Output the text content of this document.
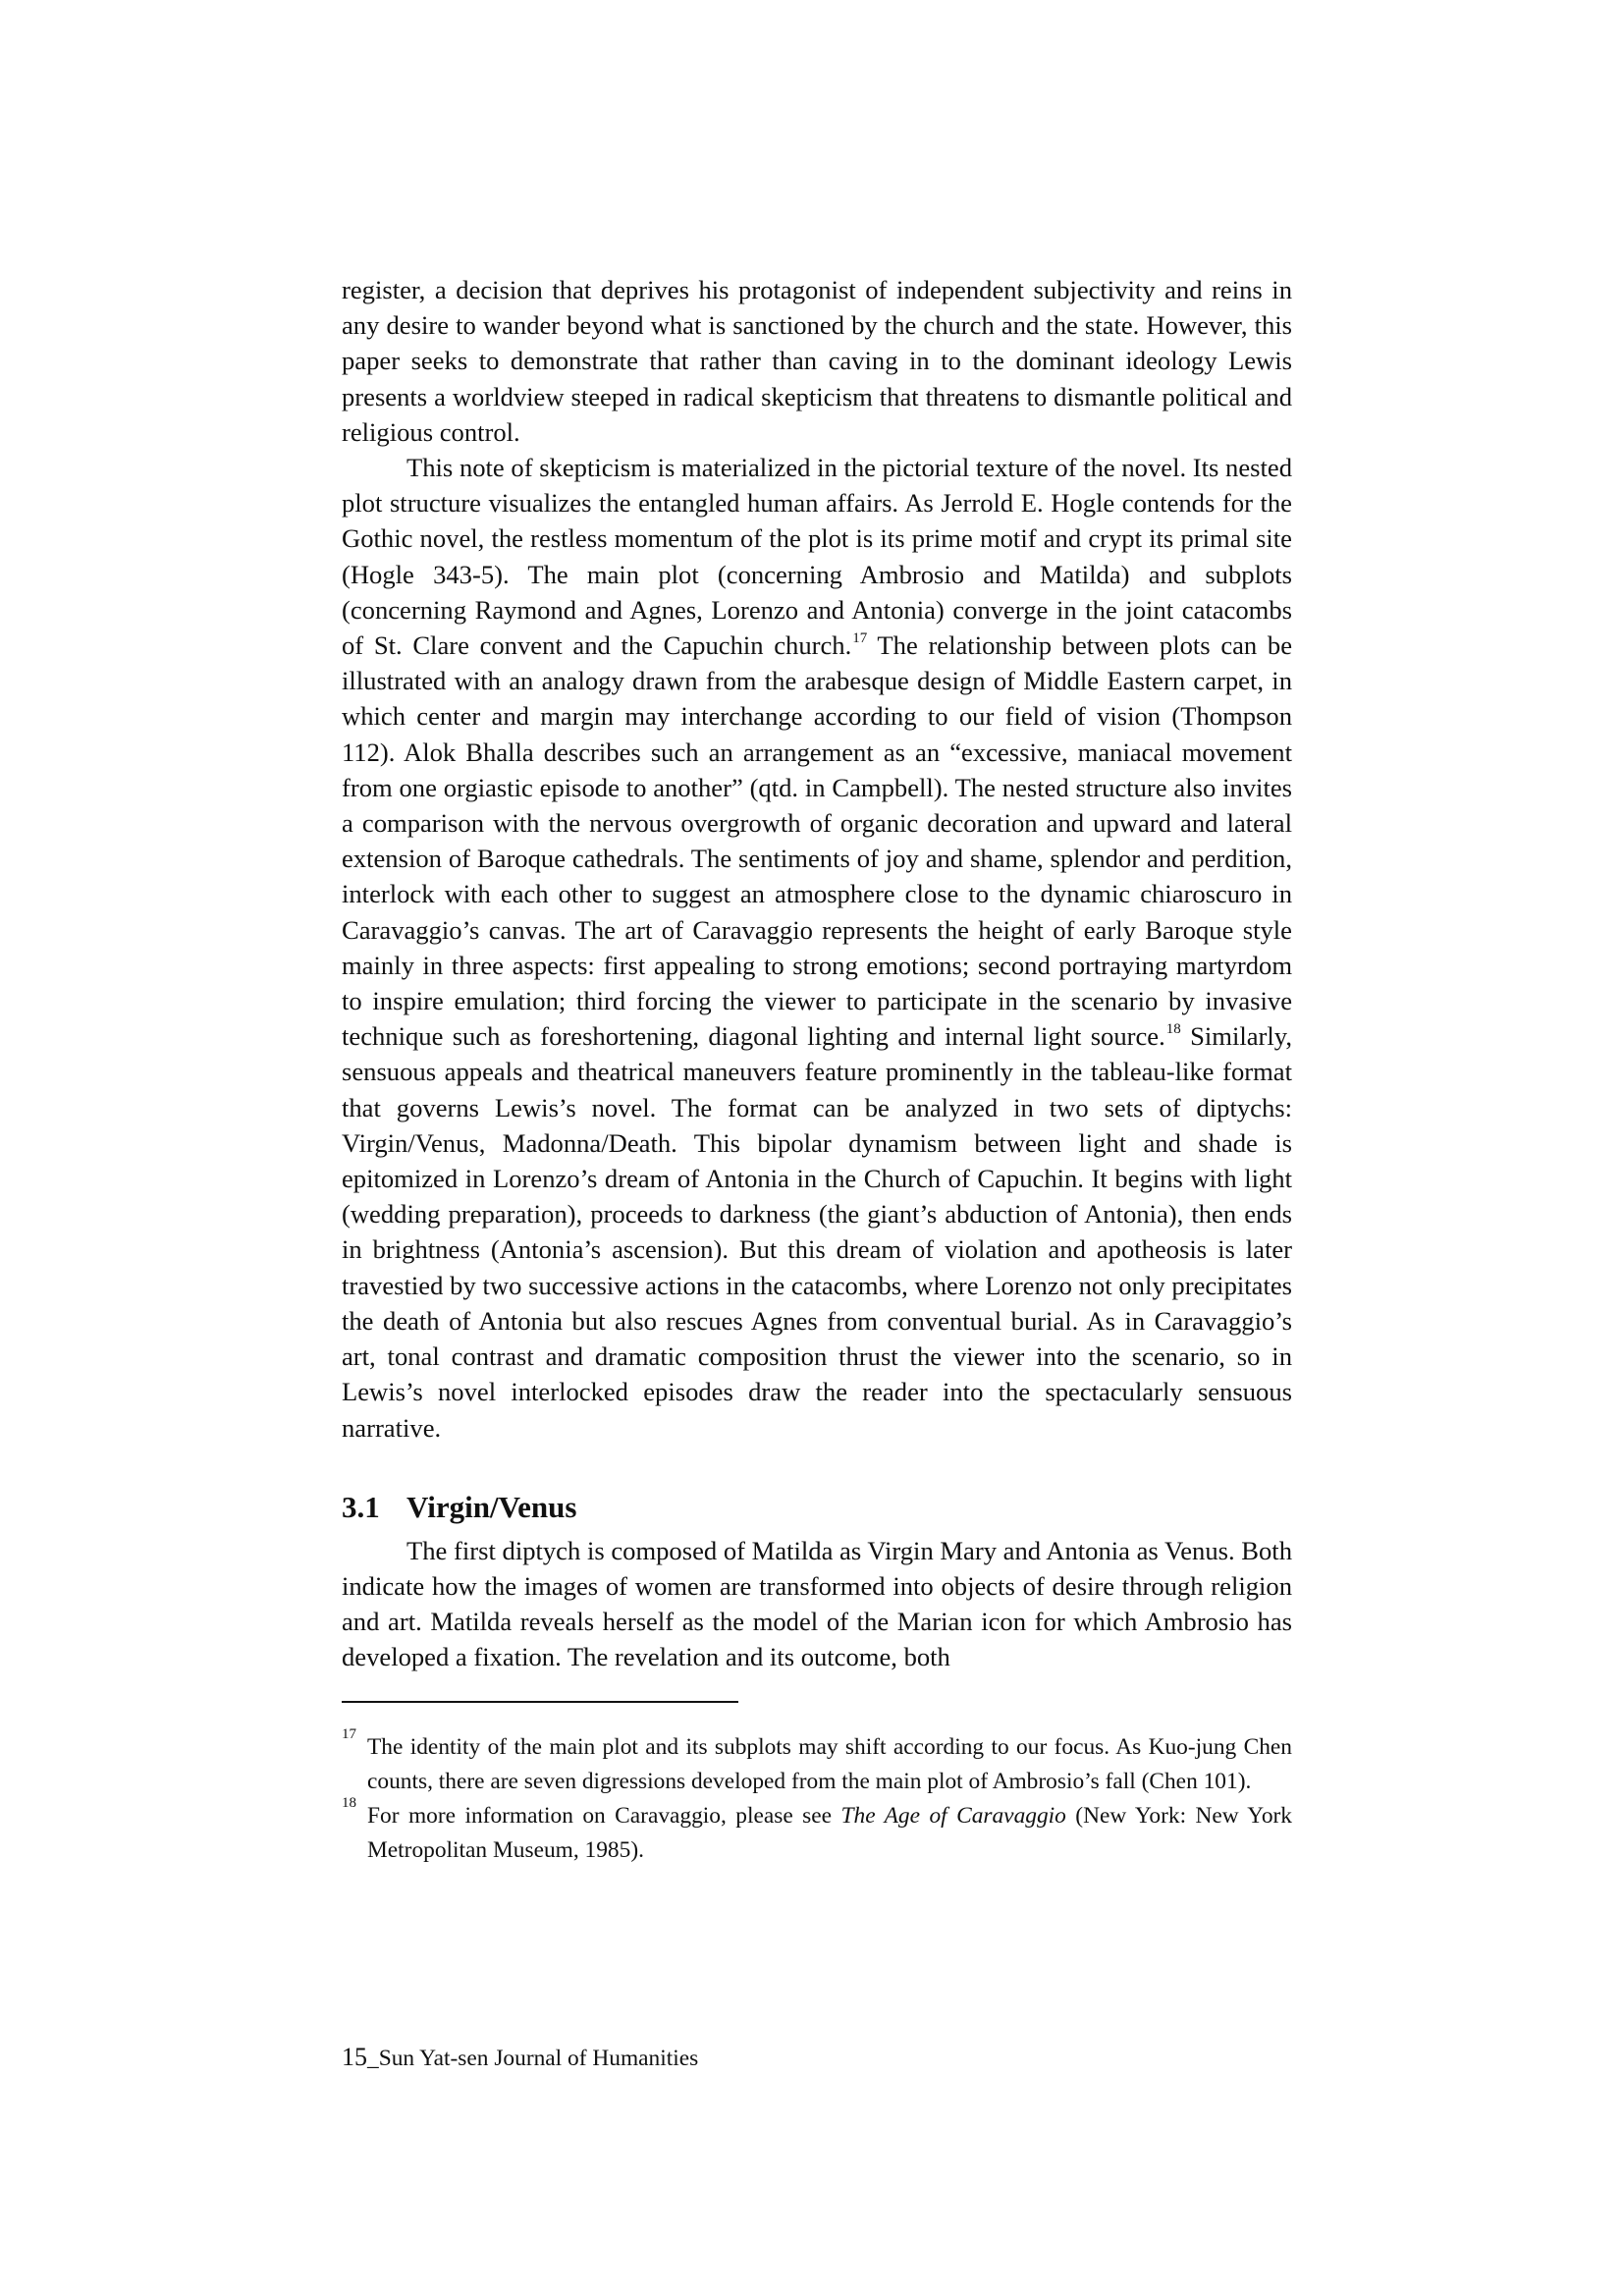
register, a decision that deprives his protagonist of independent subjectivity and reins in any desire to wander beyond what is sanctioned by the church and the state. However, this paper seeks to demonstrate that rather than caving in to the dominant ideology Lewis presents a worldview steeped in radical skepticism that threatens to dismantle political and religious control.

This note of skepticism is materialized in the pictorial texture of the novel. Its nested plot structure visualizes the entangled human affairs. As Jerrold E. Hogle contends for the Gothic novel, the restless momentum of the plot is its prime motif and crypt its primal site (Hogle 343-5). The main plot (concerning Ambrosio and Matilda) and subplots (concerning Raymond and Agnes, Lorenzo and Antonia) converge in the joint catacombs of St. Clare convent and the Capuchin church.$^{17}$ The relationship between plots can be illustrated with an analogy drawn from the arabesque design of Middle Eastern carpet, in which center and margin may interchange according to our field of vision (Thompson 112). Alok Bhalla describes such an arrangement as an “excessive, maniacal movement from one orgiastic episode to another” (qtd. in Campbell). The nested structure also invites a comparison with the nervous overgrowth of organic decoration and upward and lateral extension of Baroque cathedrals. The sentiments of joy and shame, splendor and perdition, interlock with each other to suggest an atmosphere close to the dynamic chiaroscuro in Caravaggio’s canvas. The art of Caravaggio represents the height of early Baroque style mainly in three aspects: first appealing to strong emotions; second portraying martyrdom to inspire emulation; third forcing the viewer to participate in the scenario by invasive technique such as foreshortening, diagonal lighting and internal light source.$^{18}$ Similarly, sensuous appeals and theatrical maneuvers feature prominently in the tableau-like format that governs Lewis’s novel. The format can be analyzed in two sets of diptychs: Virgin/Venus, Madonna/Death. This bipolar dynamism between light and shade is epitomized in Lorenzo’s dream of Antonia in the Church of Capuchin. It begins with light (wedding preparation), proceeds to darkness (the giant’s abduction of Antonia), then ends in brightness (Antonia’s ascension). But this dream of violation and apotheosis is later travestied by two successive actions in the catacombs, where Lorenzo not only precipitates the death of Antonia but also rescues Agnes from conventual burial. As in Caravaggio’s art, tonal contrast and dramatic composition thrust the viewer into the scenario, so in Lewis’s novel interlocked episodes draw the reader into the spectacularly sensuous narrative.

3.1 Virgin/Venus

The first diptych is composed of Matilda as Virgin Mary and Antonia as Venus. Both indicate how the images of women are transformed into objects of desire through religion and art. Matilda reveals herself as the model of the Marian icon for which Ambrosio has developed a fixation. The revelation and its outcome, both

17 The identity of the main plot and its subplots may shift according to our focus. As Kuo-jung Chen counts, there are seven digressions developed from the main plot of Ambrosio’s fall (Chen 101).

18 For more information on Caravaggio, please see The Age of Caravaggio (New York: New York Metropolitan Museum, 1985).

15_Sun Yat-sen Journal of Humanities
